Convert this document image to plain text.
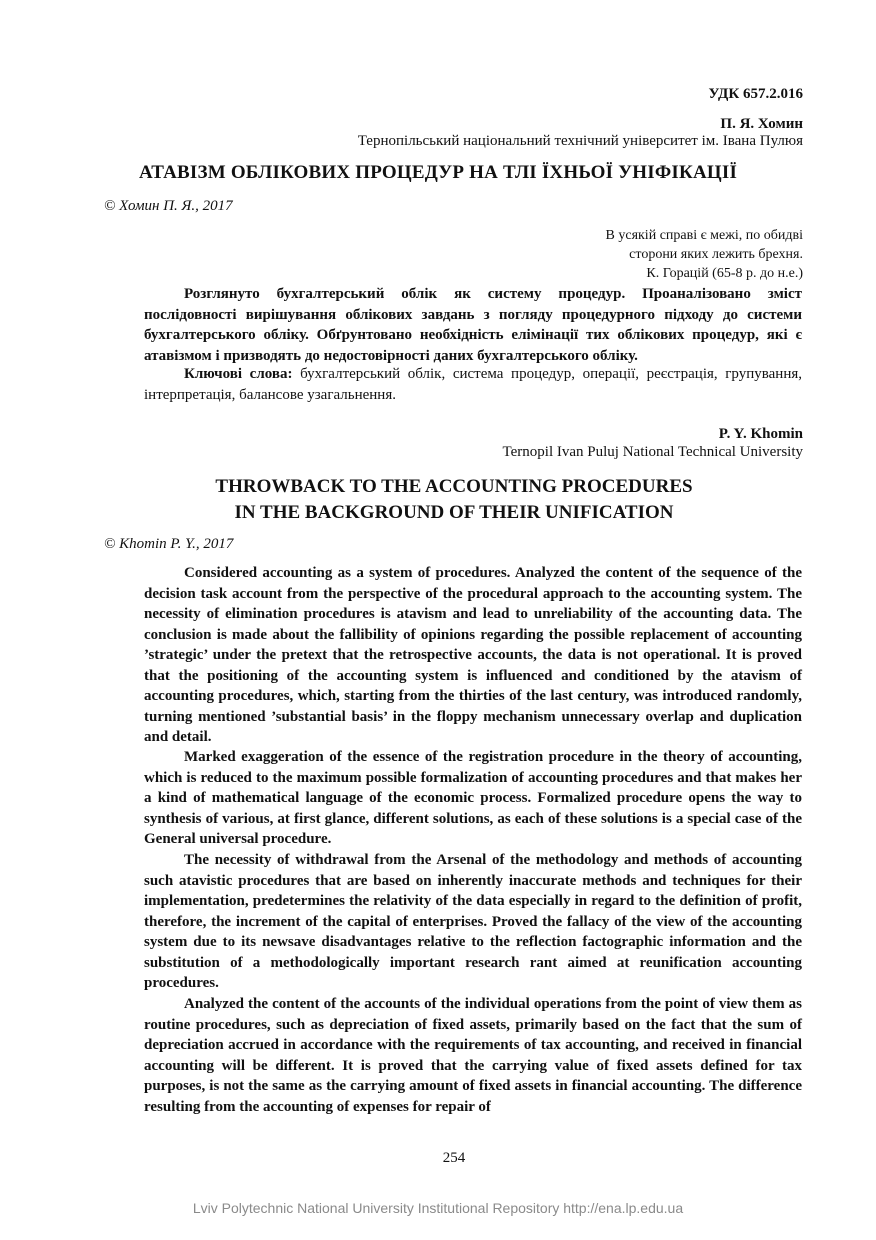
УДК 657.2.016
П. Я. Хомин
Тернопільський національний технічний університет ім. Івана Пулюя
АТАВІЗМ ОБЛІКОВИХ ПРОЦЕДУР НА ТЛІ ЇХНЬОЇ УНІФІКАЦІЇ
© Хомин П. Я., 2017
В усякій справі є межі, по обидві
сторони яких лежить брехня.
К. Горацій (65-8 р. до н.е.)

Розглянуто бухгалтерський облік як систему процедур. Проаналізовано зміст послідовності вирішування облікових завдань з погляду процедурного підходу до системи бухгалтерського обліку. Обґрунтовано необхідність елімінації тих облікових процедур, які є атавізмом і призводять до недостовірності даних бухгалтерського обліку.

Ключові слова: бухгалтерський облік, система процедур, операції, реєстрація, групування, інтерпретація, балансове узагальнення.

P. Y. Khomin
Ternopil Ivan Puluj National Technical University
THROWBACK TO THE ACCOUNTING PROCEDURES
IN THE BACKGROUND OF THEIR UNIFICATION
© Khomin P. Y., 2017

Considered accounting as a system of procedures. Analyzed the content of the sequence of the decision task account from the perspective of the procedural approach to the accounting system. The necessity of elimination procedures is atavism and lead to unreliability of the accounting data. The conclusion is made about the fallibility of opinions regarding the possible replacement of accounting ’strategic’ under the pretext that the retrospective accounts, the data is not operational. It is proved that the positioning of the accounting system is influenced and conditioned by the atavism of accounting procedures, which, starting from the thirties of the last century, was introduced randomly, turning mentioned ’substantial basis’ in the floppy mechanism unnecessary overlap and duplication and detail.

Marked exaggeration of the essence of the registration procedure in the theory of accounting, which is reduced to the maximum possible formalization of accounting procedures and that makes her a kind of mathematical language of the economic process. Formalized procedure opens the way to synthesis of various, at first glance, different solutions, as each of these solutions is a special case of the General universal procedure.

The necessity of withdrawal from the Arsenal of the methodology and methods of accounting such atavistic procedures that are based on inherently inaccurate methods and techniques for their implementation, predetermines the relativity of the data especially in regard to the definition of profit, therefore, the increment of the capital of enterprises. Proved the fallacy of the view of the accounting system due to its newsave disadvantages relative to the reflection factographic information and the substitution of a methodologically important research rant aimed at reunification accounting procedures.

Analyzed the content of the accounts of the individual operations from the point of view them as routine procedures, such as depreciation of fixed assets, primarily based on the fact that the sum of depreciation accrued in accordance with the requirements of tax accounting, and received in financial accounting will be different. It is proved that the carrying value of fixed assets defined for tax purposes, is not the same as the carrying amount of fixed assets in financial accounting. The difference resulting from the accounting of expenses for repair of

254
Lviv Polytechnic National University Institutional Repository http://ena.lp.edu.ua
